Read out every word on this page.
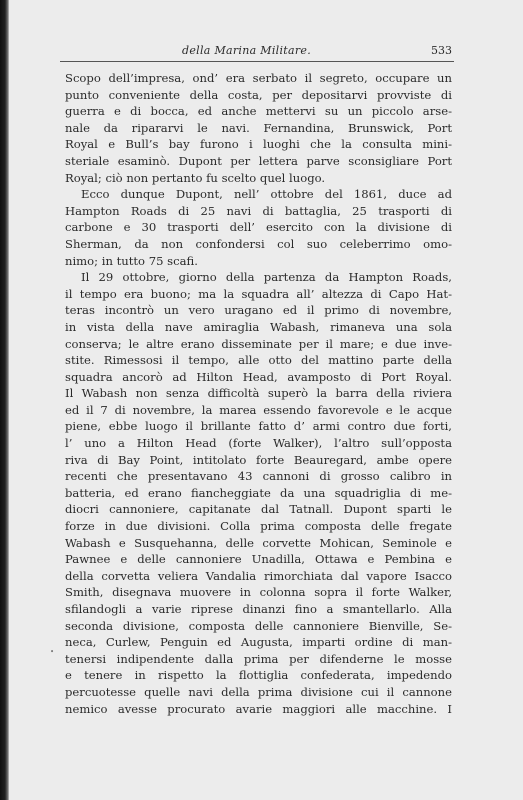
della Marina Militare.	533
Scopo dell’impresa, ond’ era serbato il segreto, occupare un
punto conveniente della costa, per depositarvi provviste di
guerra e di bocca, ed anche mettervi su un piccolo arse-
nale da ripararvi le navi. Fernandina, Brunswick, Port
Royal e Bull’s bay furono i luoghi che la consulta mini-
steriale esaminò. Dupont per lettera parve sconsigliare Port
Royal; ciò non pertanto fu scelto quel luogo.
Ecco dunque Dupont, nell’ ottobre del 1861, duce ad
Hampton Roads di 25 navi di battaglia, 25 trasporti di
carbone e 30 trasporti dell’ esercito con la divisione di
Sherman, da non confondersi col suo celeberrimo omo-
nimo; in tutto 75 scafi.
Il 29 ottobre, giorno della partenza da Hampton Roads,
il tempo era buono; ma la squadra all’ altezza di Capo Hat-
teras incontrò un vero uragano ed il primo di novembre,
in vista della nave amiraglia Wabash, rimaneva una sola
conserva; le altre erano disseminate per il mare; e due inve-
stite. Rimessosi il tempo, alle otto del mattino parte della
squadra ancorò ad Hilton Head, avamposto di Port Royal.
Il Wabash non senza difficoltà superò la barra della riviera
ed il 7 di novembre, la marea essendo favorevole e le acque
piene, ebbe luogo il brillante fatto d’ armi contro due forti,
l’ uno a Hilton Head (forte Walker), l’altro sull’opposta
riva di Bay Point, intitolato forte Beauregard, ambe opere
recenti che presentavano 43 cannoni di grosso calibro in
batteria, ed erano fiancheggiate da una squadriglia di me-
diocri cannoniere, capitanate dal Tatnall. Dupont sparti le
forze in due divisioni. Colla prima composta delle fregate
Wabash e Susquehanna, delle corvette Mohican, Seminole e
Pawnee e delle cannoniere Unadilla, Ottawa e Pembina e
della corvetta veliera Vandalia rimorchiata dal vapore Isacco
Smith, disegnava muovere in colonna sopra il forte Walker,
sfilandogli a varie riprese dinanzi fino a smantellarlo. Alla
seconda divisione, composta delle cannoniere Bienville, Se-
neca, Curlew, Penguin ed Augusta, imparti ordine di man-
tenersi indipendente dalla prima per difenderne le mosse
e tenere in rispetto la flottiglia confederata, impedendo
percuotesse quelle navi della prima divisione cui il cannone
nemico avesse procurato avarie maggiori alle macchine. I
•
